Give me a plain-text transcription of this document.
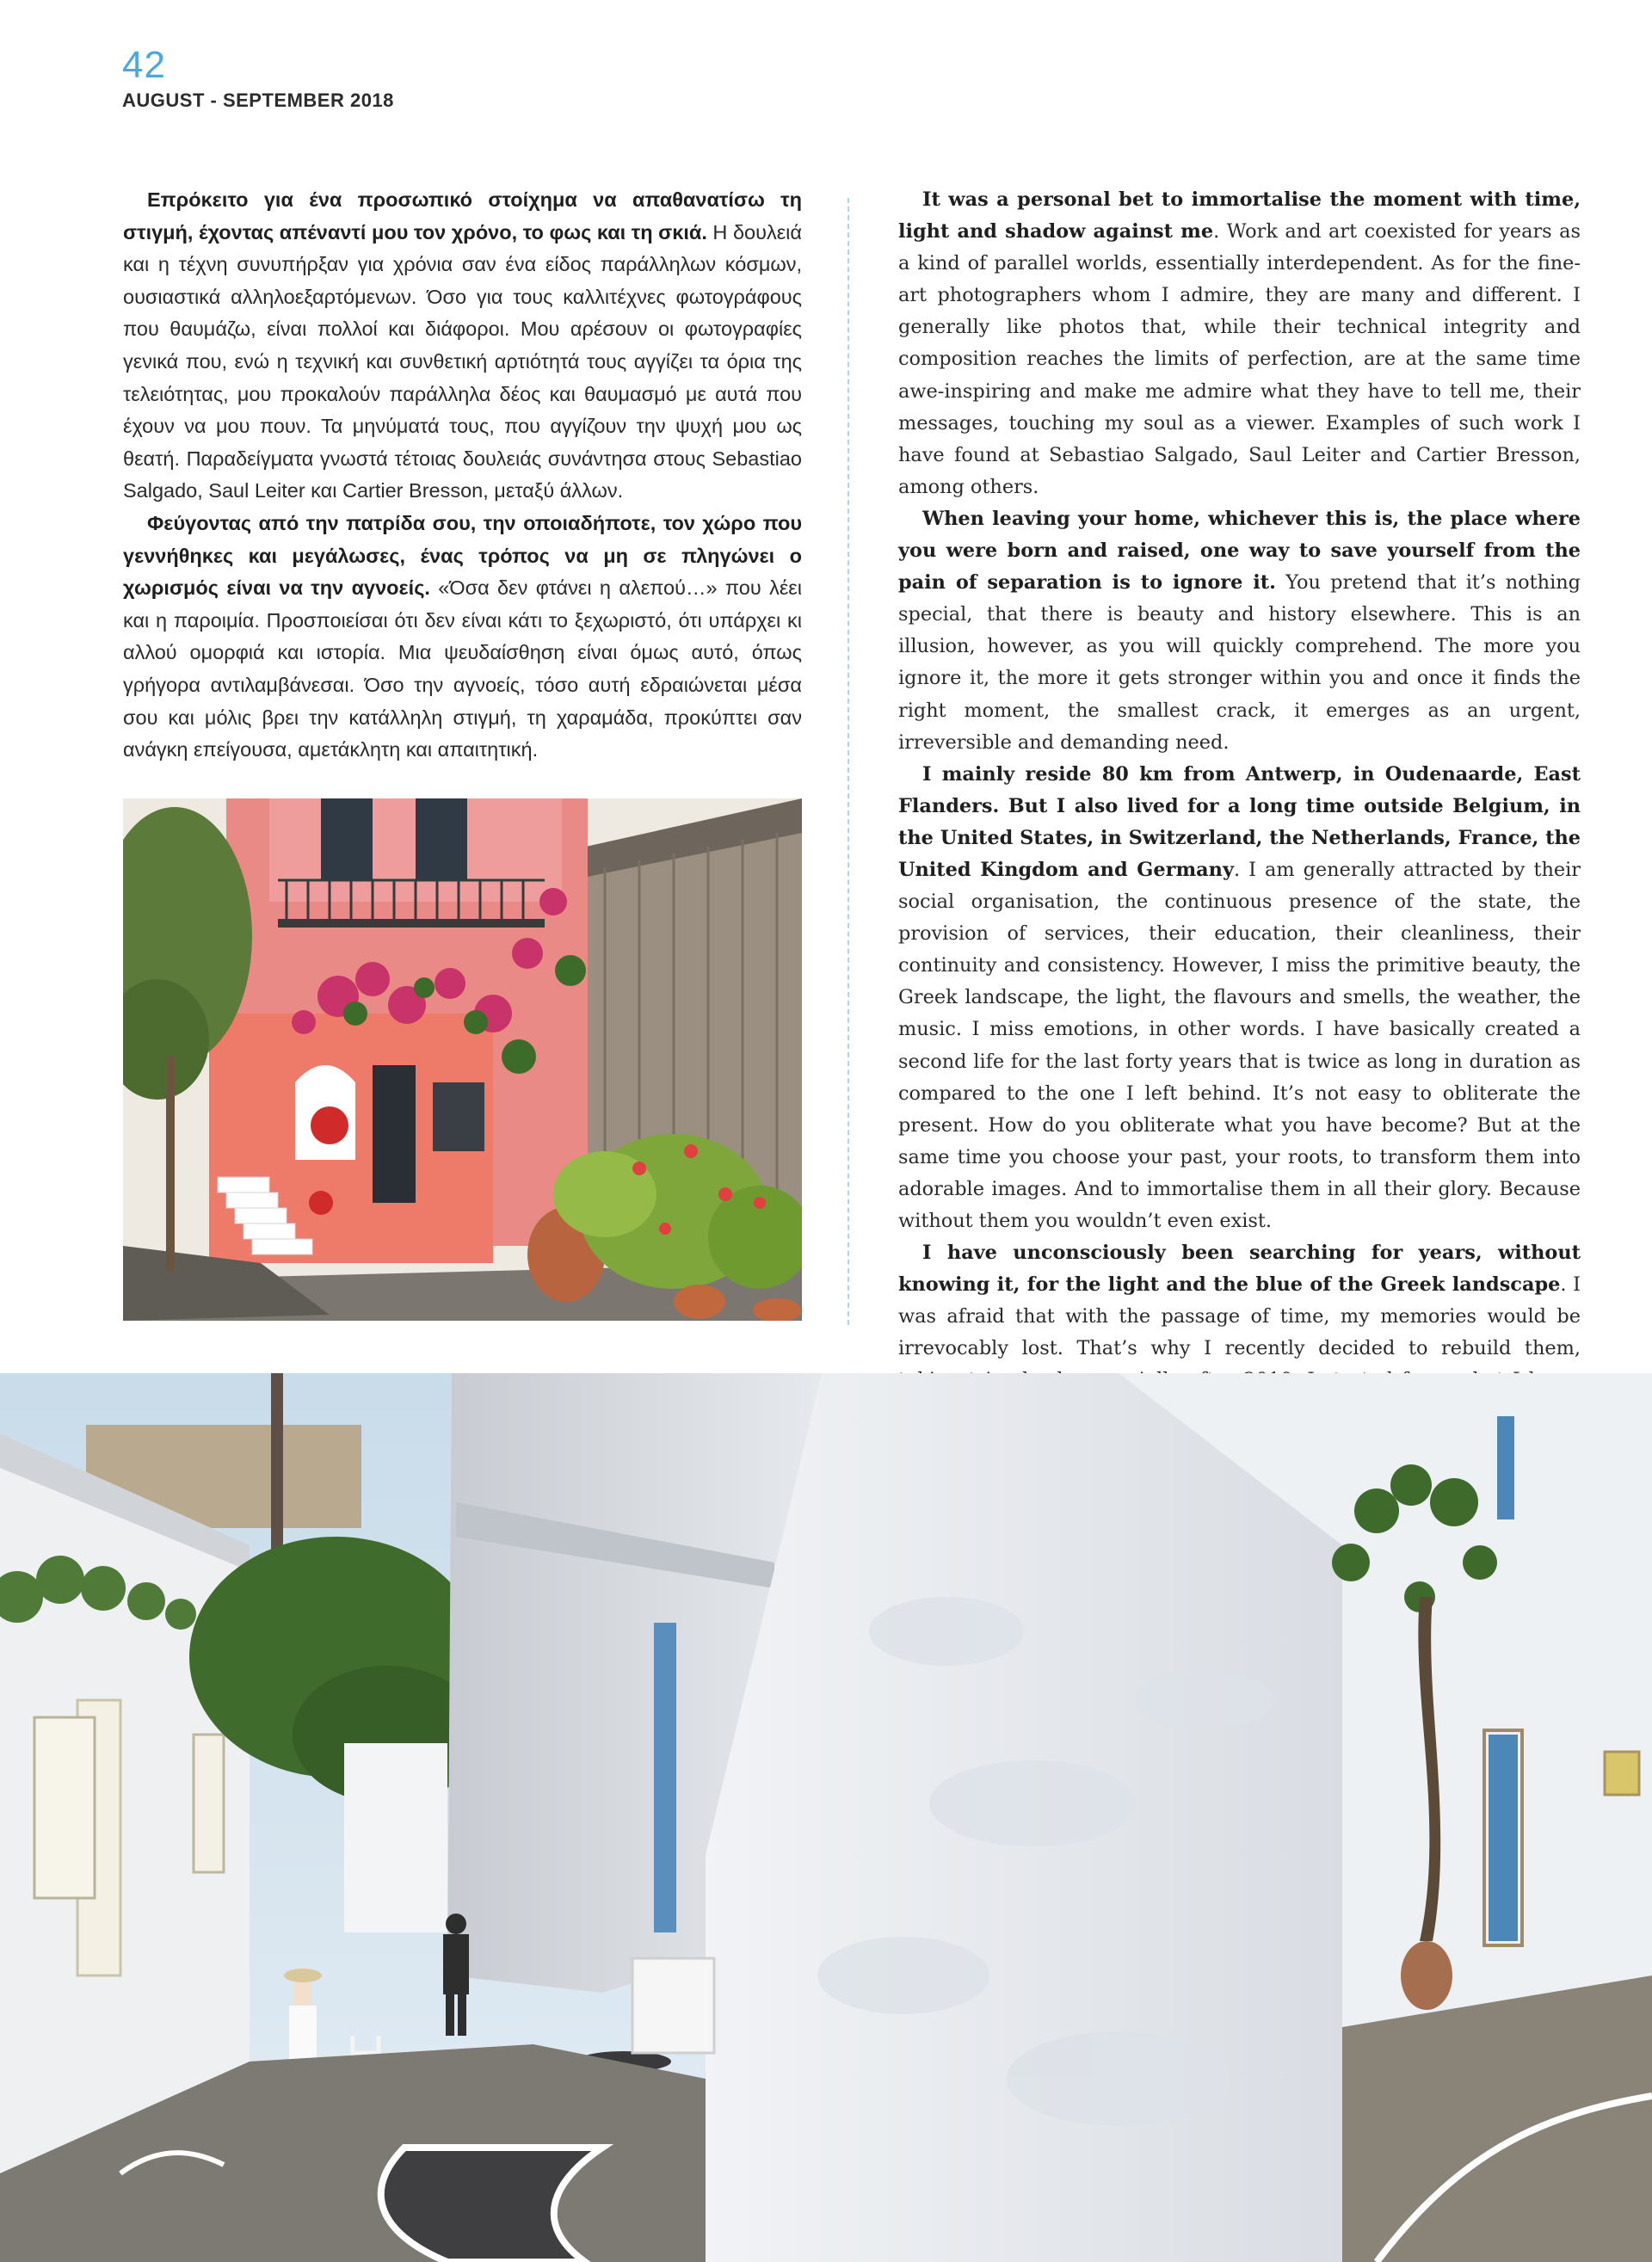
42
AUGUST - SEPTEMBER 2018

Επρόκειτο για ένα προσωπικό στοίχημα να απαθανατίσω τη στιγμή, έχοντας απέναντί μου τον χρόνο, το φως και τη σκιά. Η δουλειά και η τέχνη συνυπήρξαν για χρόνια σαν ένα είδος παράλληλων κόσμων, ουσιαστικά αλληλοεξαρτόμενων. Όσο για τους καλλιτέχνες φωτογράφους που θαυμάζω, είναι πολλοί και διάφοροι. Μου αρέσουν οι φωτογραφίες γενικά που, ενώ η τεχνική και συνθετική αρτιότητά τους αγγίζει τα όρια της τελειότητας, μου προκαλούν παράλληλα δέος και θαυμασμό με αυτά που έχουν να μου πουν. Τα μηνύματά τους, που αγγίζουν την ψυχή μου ως θεατή. Παραδείγματα γνωστά τέτοιας δουλειάς συνάντησα στους Sebastiao Salgado, Saul Leiter και Cartier Bresson, μεταξύ άλλων.

Φεύγοντας από την πατρίδα σου, την οποιαδήποτε, τον χώρο που γεννήθηκες και μεγάλωσες, ένας τρόπος να μη σε πληγώνει ο χωρισμός είναι να την αγνοείς. «Όσα δεν φτάνει η αλεπού…» που λέει και η παροιμία. Προσποιείσαι ότι δεν είναι κάτι το ξεχωριστό, ότι υπάρχει κι αλλού ομορφιά και ιστορία. Μια ψευδαίσθηση είναι όμως αυτό, όπως γρήγορα αντιλαμβάνεσαι. Όσο την αγνοείς, τόσο αυτή εδραιώνεται μέσα σου και μόλις βρει την κατάλληλη στιγμή, τη χαραμάδα, προκύπτει σαν ανάγκη επείγουσα, αμετάκλητη και απαιτητική.

It was a personal bet to immortalise the moment with time, light and shadow against me. Work and art coexisted for years as a kind of parallel worlds, essentially interdependent. As for the fine-art photographers whom I admire, they are many and different. I generally like photos that, while their technical integrity and composition reaches the limits of perfection, are at the same time awe-inspiring and make me admire what they have to tell me, their messages, touching my soul as a viewer. Examples of such work I have found at Sebastiao Salgado, Saul Leiter and Cartier Bresson, among others.

When leaving your home, whichever this is, the place where you were born and raised, one way to save yourself from the pain of separation is to ignore it. You pretend that it’s nothing special, that there is beauty and history elsewhere. This is an illusion, however, as you will quickly comprehend. The more you ignore it, the more it gets stronger within you and once it finds the right moment, the smallest crack, it emerges as an urgent, irreversible and demanding need.

I mainly reside 80 km from Antwerp, in Oudenaarde, East Flanders. But I also lived for a long time outside Belgium, in the United States, in Switzerland, the Netherlands, France, the United Kingdom and Germany. I am generally attracted by their social organisation, the continuous presence of the state, the provision of services, their education, their cleanliness, their continuity and consistency. However, I miss the primitive beauty, the Greek landscape, the light, the flavours and smells, the weather, the music. I miss emotions, in other words. I have basically created a second life for the last forty years that is twice as long in duration as compared to the one I left behind. It’s not easy to obliterate the present. How do you obliterate what you have become? But at the same time you choose your past, your roots, to transform them into adorable images. And to immortalise them in all their glory. Because without them you wouldn’t even exist.

I have unconsciously been searching for years, without knowing it, for the light and the blue of the Greek landscape. I was afraid that with the passage of time, my memories would be irrevocably lost. That’s why I recently decided to rebuild them,
